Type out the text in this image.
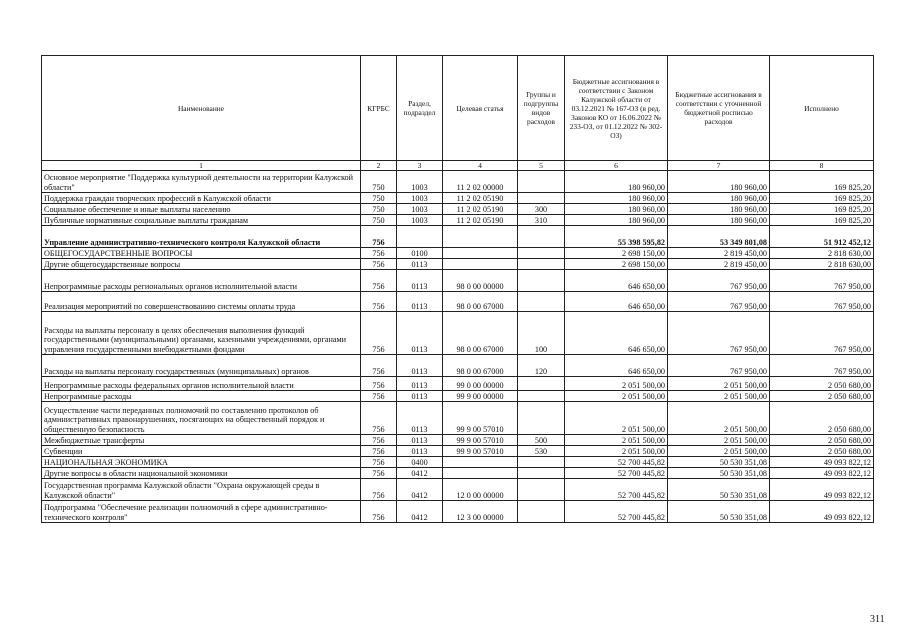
Наименование	КГРБС	Раздел, подраздел	Целевая статья	Группы и подгруппы видов расходов	Бюджетные ассигнования в соответствии с Законом Калужской области от 03.12.2021 № 167-ОЗ (в ред. Законов КО от 16.06.2022 № 233-ОЗ, от 01.12.2022 № 302-ОЗ)	Бюджетные ассигнования в соответствии с уточненной бюджетной росписью расходов	Исполнено
1	2	3	4	5	6	7	8
Основное мероприятие "Поддержка культурной деятельности на территории Калужской области"	750	1003	11 2 02 00000		180 960,00	180 960,00	169 825,20
Поддержка граждан творческих профессий в Калужской области	750	1003	11 2 02 05190		180 960,00	180 960,00	169 825,20
Социальное обеспечение и иные выплаты населению	750	1003	11 2 02 05190	300	180 960,00	180 960,00	169 825,20
Публичные нормативные социальные выплаты гражданам	750	1003	11 2 02 05190	310	180 960,00	180 960,00	169 825,20
Управление административно-технического контроля Калужской области	756				55 398 595,82	53 349 801,08	51 912 452,12
ОБЩЕГОСУДАРСТВЕННЫЕ ВОПРОСЫ	756	0100			2 698 150,00	2 819 450,00	2 818 630,00
Другие общегосударственные вопросы	756	0113			2 698 150,00	2 819 450,00	2 818 630,00
Непрограммные расходы региональных органов исполнительной власти	756	0113	98 0 00 00000		646 650,00	767 950,00	767 950,00
Реализация мероприятий по совершенствованию системы оплаты труда	756	0113	98 0 00 67000		646 650,00	767 950,00	767 950,00
Расходы на выплаты персоналу в целях обеспечения выполнения функций государственными (муниципальными) органами, казенными учреждениями, органами управления государственными внебюджетными фондами	756	0113	98 0 00 67000	100	646 650,00	767 950,00	767 950,00
Расходы на выплаты персоналу государственных (муниципальных) органов	756	0113	98 0 00 67000	120	646 650,00	767 950,00	767 950,00
Непрограммные расходы федеральных органов исполнительной власти	756	0113	99 0 00 00000		2 051 500,00	2 051 500,00	2 050 680,00
Непрограммные расходы	756	0113	99 9 00 00000		2 051 500,00	2 051 500,00	2 050 680,00
Осуществление части переданных полномочий по составлению протоколов об административных правонарушениях, посягающих на общественный порядок и общественную безопасность	756	0113	99 9 00 57010		2 051 500,00	2 051 500,00	2 050 680,00
Межбюджетные трансферты	756	0113	99 9 00 57010	500	2 051 500,00	2 051 500,00	2 050 680,00
Субвенции	756	0113	99 9 00 57010	530	2 051 500,00	2 051 500,00	2 050 680,00
НАЦИОНАЛЬНАЯ ЭКОНОМИКА	756	0400			52 700 445,82	50 530 351,08	49 093 822,12
Другие вопросы в области национальной экономики	756	0412			52 700 445,82	50 530 351,08	49 093 822,12
Государственная программа Калужской области "Охрана окружающей среды в Калужской области"	756	0412	12 0 00 00000		52 700 445,82	50 530 351,08	49 093 822,12
Подпрограмма "Обеспечение реализации полномочий в сфере административно-технического контроля"	756	0412	12 3 00 00000		52 700 445,82	50 530 351,08	49 093 822,12
311
